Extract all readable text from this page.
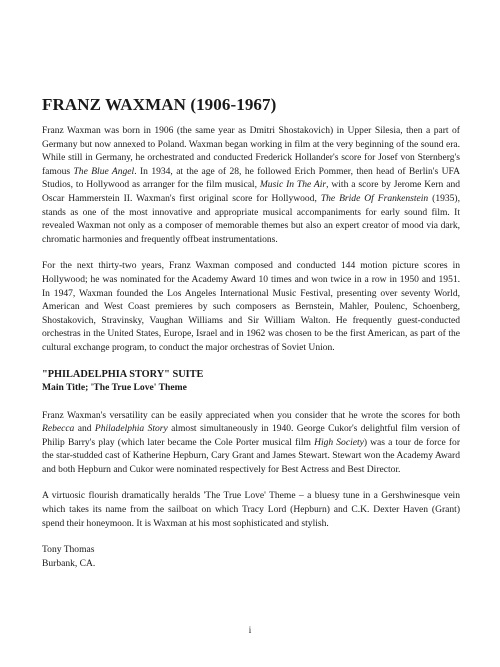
FRANZ WAXMAN (1906-1967)

Franz Waxman was born in 1906 (the same year as Dmitri Shostakovich) in Upper Silesia, then a part of Germany but now annexed to Poland. Waxman began working in film at the very beginning of the sound era. While still in Germany, he orchestrated and conducted Frederick Hollander's score for Josef von Sternberg's famous The Blue Angel. In 1934, at the age of 28, he followed Erich Pommer, then head of Berlin's UFA Studios, to Hollywood as arranger for the film musical, Music In The Air, with a score by Jerome Kern and Oscar Hammerstein II. Waxman's first original score for Hollywood, The Bride Of Frankenstein (1935), stands as one of the most innovative and appropriate musical accompaniments for early sound film. It revealed Waxman not only as a composer of memorable themes but also an expert creator of mood via dark, chromatic harmonies and frequently offbeat instrumentations.

For the next thirty-two years, Franz Waxman composed and conducted 144 motion picture scores in Hollywood; he was nominated for the Academy Award 10 times and won twice in a row in 1950 and 1951. In 1947, Waxman founded the Los Angeles International Music Festival, presenting over seventy World, American and West Coast premieres by such composers as Bernstein, Mahler, Poulenc, Schoenberg, Shostakovich, Stravinsky, Vaughan Williams and Sir William Walton. He frequently guest-conducted orchestras in the United States, Europe, Israel and in 1962 was chosen to be the first American, as part of the cultural exchange program, to conduct the major orchestras of Soviet Union.

"PHILADELPHIA STORY" SUITE
Main Title; 'The True Love' Theme

Franz Waxman's versatility can be easily appreciated when you consider that he wrote the scores for both Rebecca and Philadelphia Story almost simultaneously in 1940. George Cukor's delightful film version of Philip Barry's play (which later became the Cole Porter musical film High Society) was a tour de force for the star-studded cast of Katherine Hepburn, Cary Grant and James Stewart. Stewart won the Academy Award and both Hepburn and Cukor were nominated respectively for Best Actress and Best Director.

A virtuosic flourish dramatically heralds 'The True Love' Theme – a bluesy tune in a Gershwinesque vein which takes its name from the sailboat on which Tracy Lord (Hepburn) and C.K. Dexter Haven (Grant) spend their honeymoon. It is Waxman at his most sophisticated and stylish.

Tony Thomas
Burbank, CA.

i
